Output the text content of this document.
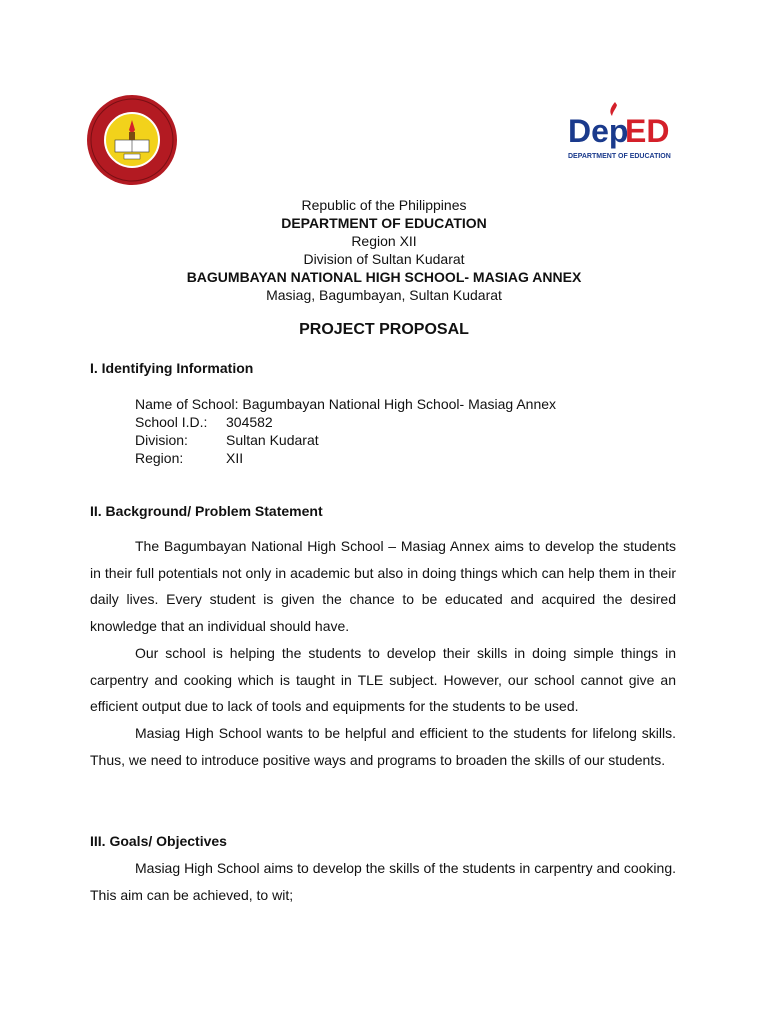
Dep
ED
DEPARTMENT OF EDUCATION
Republic of the Philippines
DEPARTMENT OF EDUCATION
Region XII
Division of Sultan Kudarat
BAGUMBAYAN NATIONAL HIGH SCHOOL- MASIAG ANNEX
Masiag, Bagumbayan, Sultan Kudarat
PROJECT PROPOSAL
I. Identifying Information
Name of School: Bagumbayan National High School- Masiag Annex
School I.D.:	304582
Division:	Sultan Kudarat
Region:	XII
II. Background/ Problem Statement

The Bagumbayan National High School – Masiag Annex aims to develop the students in their full potentials not only in academic but also in doing things which can help them in their daily lives. Every student is given the chance to be educated and acquired the desired knowledge that an individual should have.

Our school is helping the students to develop their skills in doing simple things in carpentry and cooking which is taught in TLE subject. However, our school cannot give an efficient output due to lack of tools and equipments for the students to be used.

Masiag High School wants to be helpful and efficient to the students for lifelong skills. Thus, we need to introduce positive ways and programs to broaden the skills of our students.

III. Goals/ Objectives

Masiag High School aims to develop the skills of the students in carpentry and cooking. This aim can be achieved, to wit;
